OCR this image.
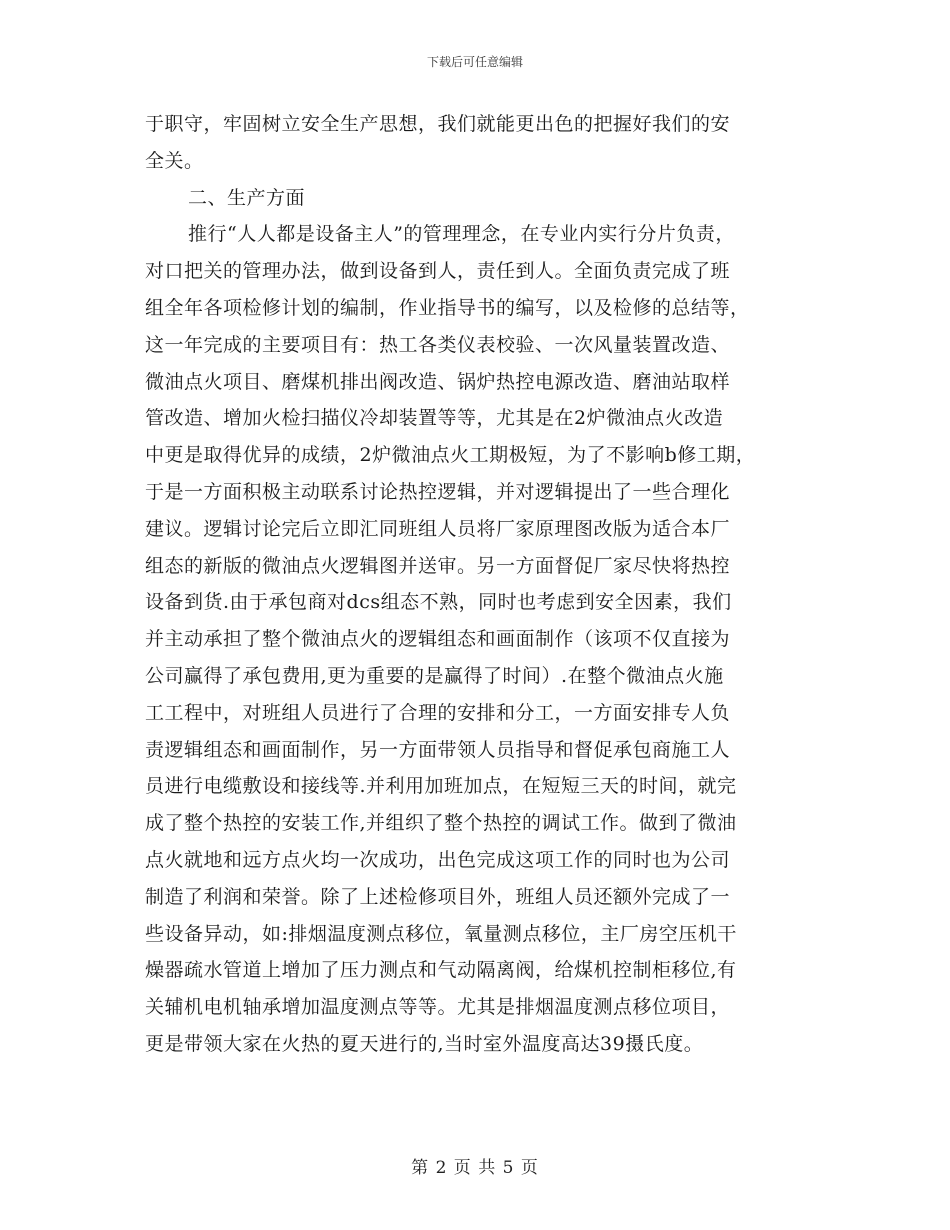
下载后可任意编辑
于职守，牢固树立安全生产思想，我们就能更出色的把握好我们的安
全关。
二、生产方面
推行“人人都是设备主人”的管理理念，在专业内实行分片负责，
对口把关的管理办法，做到设备到人，责任到人。全面负责完成了班
组全年各项检修计划的编制，作业指导书的编写，以及检修的总结等，
这一年完成的主要项目有：热工各类仪表校验、一次风量装置改造、
微油点火项目、磨煤机排出阀改造、锅炉热控电源改造、磨油站取样
管改造、增加火检扫描仪冷却装置等等，尤其是在2炉微油点火改造
中更是取得优异的成绩，2炉微油点火工期极短，为了不影响b修工期，
于是一方面积极主动联系讨论热控逻辑，并对逻辑提出了一些合理化
建议。逻辑讨论完后立即汇同班组人员将厂家原理图改版为适合本厂
组态的新版的微油点火逻辑图并送审。另一方面督促厂家尽快将热控
设备到货.由于承包商对dcs组态不熟，同时也考虑到安全因素，我们
并主动承担了整个微油点火的逻辑组态和画面制作（该项不仅直接为
公司赢得了承包费用,更为重要的是赢得了时间）.在整个微油点火施
工工程中，对班组人员进行了合理的安排和分工，一方面安排专人负
责逻辑组态和画面制作，另一方面带领人员指导和督促承包商施工人
员进行电缆敷设和接线等.并利用加班加点，在短短三天的时间，就完
成了整个热控的安装工作,并组织了整个热控的调试工作。做到了微油
点火就地和远方点火均一次成功，出色完成这项工作的同时也为公司
制造了利润和荣誉。除了上述检修项目外，班组人员还额外完成了一
些设备异动，如:排烟温度测点移位，氧量测点移位，主厂房空压机干
燥器疏水管道上增加了压力测点和气动隔离阀，给煤机控制柜移位,有
关辅机电机轴承增加温度测点等等。尤其是排烟温度测点移位项目，
更是带领大家在火热的夏天进行的,当时室外温度高达39摄氏度。
第 2 页 共 5 页
